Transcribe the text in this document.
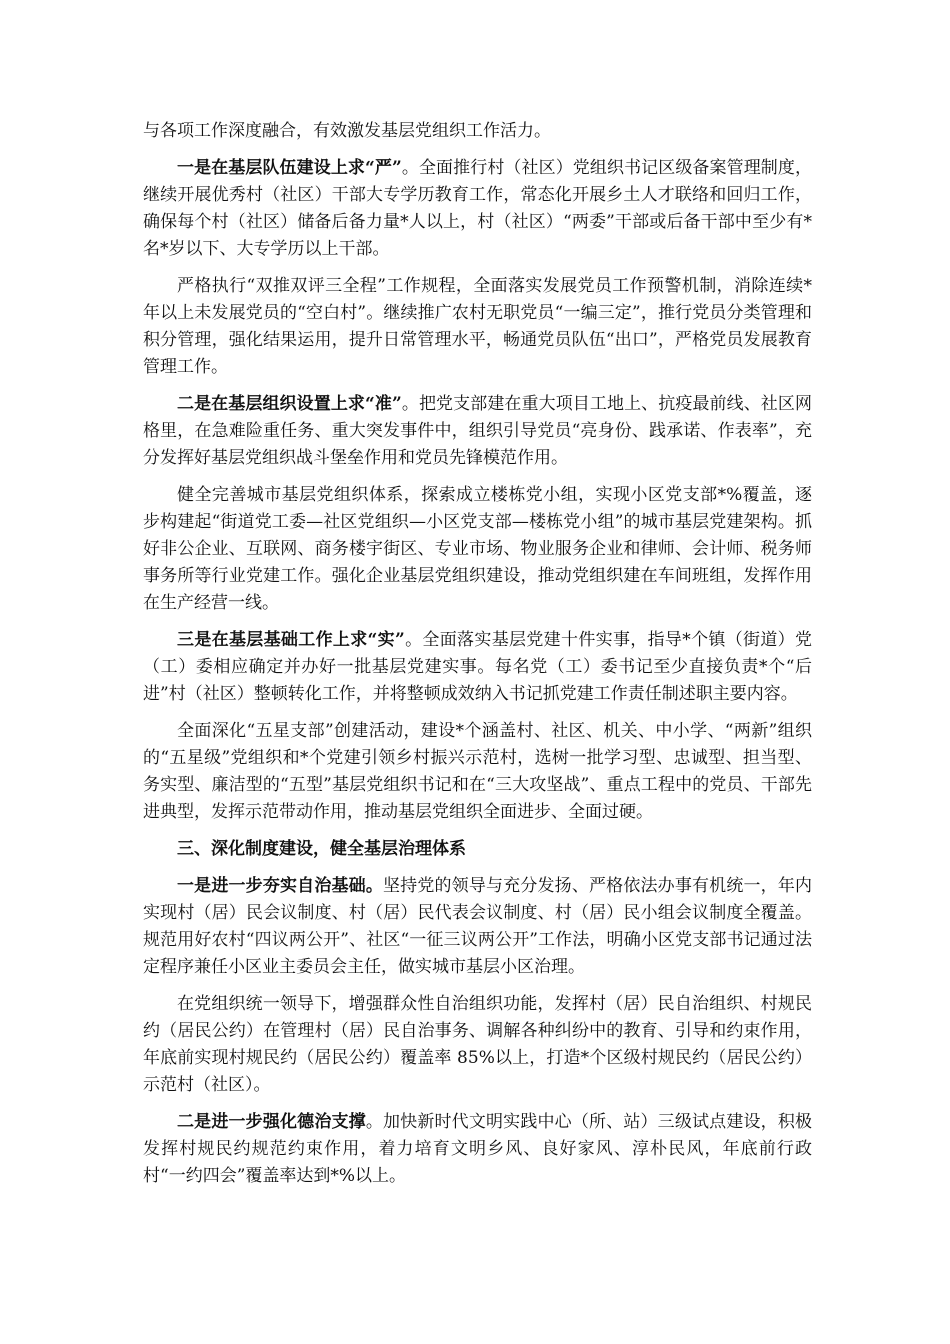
与各项工作深度融合，有效激发基层党组织工作活力。

一是在基层队伍建设上求“严”。全面推行村（社区）党组织书记区级备案管理制度，继续开展优秀村（社区）干部大专学历教育工作，常态化开展乡土人才联络和回归工作，确保每个村（社区）储备后备力量*人以上，村（社区）“两委”干部或后备干部中至少有*名*岁以下、大专学历以上干部。

严格执行“双推双评三全程”工作规程，全面落实发展党员工作预警机制，消除连续*年以上未发展党员的“空白村”。继续推广农村无职党员“一编三定”，推行党员分类管理和积分管理，强化结果运用，提升日常管理水平，畅通党员队伍“出口”，严格党员发展教育管理工作。

二是在基层组织设置上求“准”。把党支部建在重大项目工地上、抗疫最前线、社区网格里，在急难险重任务、重大突发事件中，组织引导党员“亮身份、践承诺、作表率”，充分发挥好基层党组织战斗堡垒作用和党员先锋模范作用。

健全完善城市基层党组织体系，探索成立楼栋党小组，实现小区党支部*%覆盖，逐步构建起“街道党工委—社区党组织—小区党支部—楼栋党小组”的城市基层党建架构。抓好非公企业、互联网、商务楼宇街区、专业市场、物业服务企业和律师、会计师、税务师事务所等行业党建工作。强化企业基层党组织建设，推动党组织建在车间班组，发挥作用在生产经营一线。

三是在基层基础工作上求“实”。全面落实基层党建十件实事，指导*个镇（街道）党（工）委相应确定并办好一批基层党建实事。每名党（工）委书记至少直接负责*个“后进”村（社区）整顿转化工作，并将整顿成效纳入书记抓党建工作责任制述职主要内容。

全面深化“五星支部”创建活动，建设*个涵盖村、社区、机关、中小学、“两新”组织的“五星级”党组织和*个党建引领乡村振兴示范村，选树一批学习型、忠诚型、担当型、务实型、廉洁型的“五型”基层党组织书记和在“三大攻坚战”、重点工程中的党员、干部先进典型，发挥示范带动作用，推动基层党组织全面进步、全面过硬。

三、深化制度建设，健全基层治理体系

一是进一步夯实自治基础。坚持党的领导与充分发扬、严格依法办事有机统一，年内实现村（居）民会议制度、村（居）民代表会议制度、村（居）民小组会议制度全覆盖。规范用好农村“四议两公开”、社区“一征三议两公开”工作法，明确小区党支部书记通过法定程序兼任小区业主委员会主任，做实城市基层小区治理。

在党组织统一领导下，增强群众性自治组织功能，发挥村（居）民自治组织、村规民约（居民公约）在管理村（居）民自治事务、调解各种纠纷中的教育、引导和约束作用，年底前实现村规民约（居民公约）覆盖率 85%以上，打造*个区级村规民约（居民公约）示范村（社区）。

二是进一步强化德治支撑。加快新时代文明实践中心（所、站）三级试点建设，积极发挥村规民约规范约束作用，着力培育文明乡风、良好家风、淳朴民风，年底前行政村“一约四会”覆盖率达到*%以上。
